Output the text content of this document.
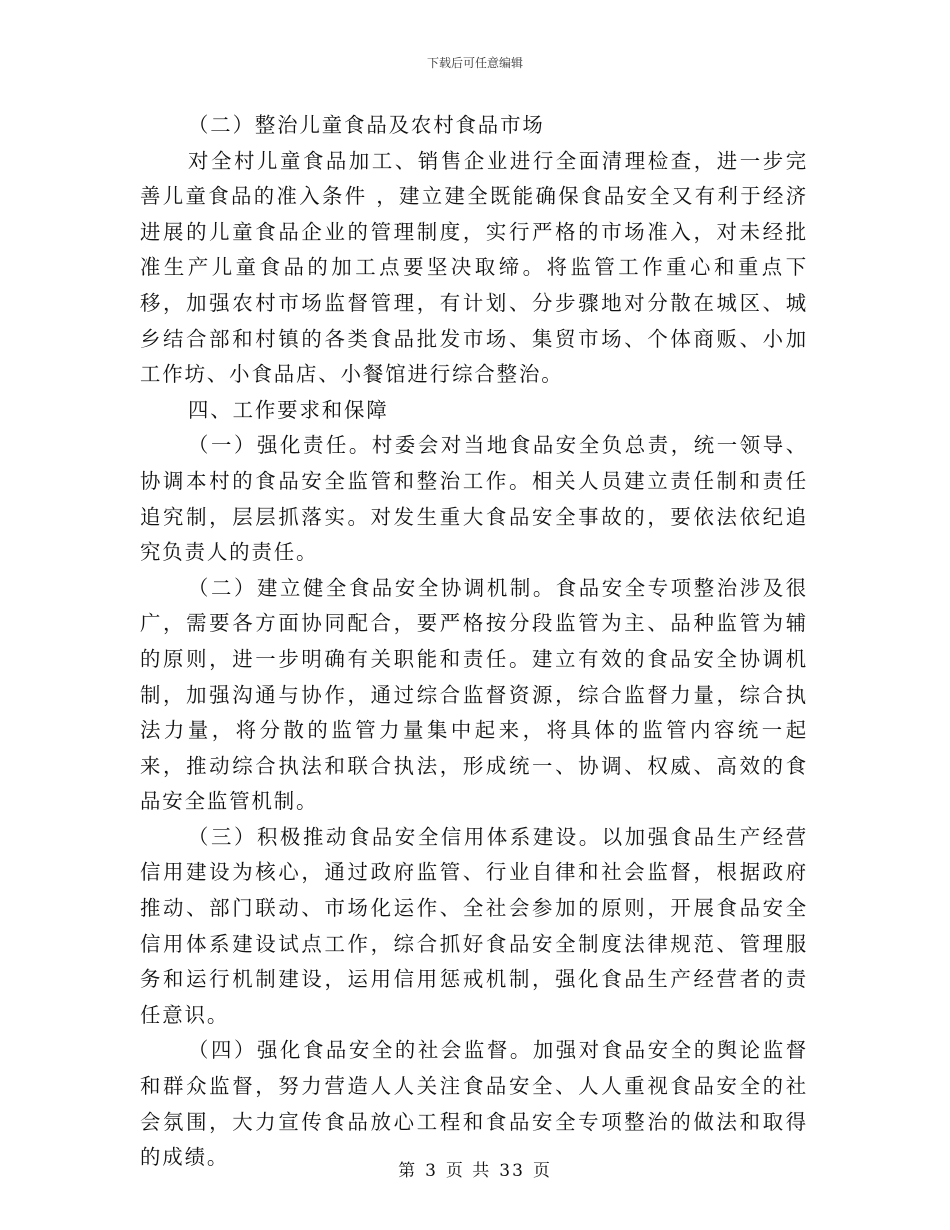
下载后可任意编辑

（二）整治儿童食品及农村食品市场

对全村儿童食品加工、销售企业进行全面清理检查，进一步完善儿童食品的准入条件 ，建立建全既能确保食品安全又有利于经济进展的儿童食品企业的管理制度，实行严格的市场准入，对未经批准生产儿童食品的加工点要坚决取缔。将监管工作重心和重点下移，加强农村市场监督管理，有计划、分步骤地对分散在城区、城乡结合部和村镇的各类食品批发市场、集贸市场、个体商贩、小加工作坊、小食品店、小餐馆进行综合整治。

四、工作要求和保障

（一）强化责任。村委会对当地食品安全负总责，统一领导、协调本村的食品安全监管和整治工作。相关人员建立责任制和责任追究制，层层抓落实。对发生重大食品安全事故的，要依法依纪追究负责人的责任。

（二）建立健全食品安全协调机制。食品安全专项整治涉及很广，需要各方面协同配合，要严格按分段监管为主、品种监管为辅的原则，进一步明确有关职能和责任。建立有效的食品安全协调机制，加强沟通与协作，通过综合监督资源，综合监督力量，综合执法力量，将分散的监管力量集中起来，将具体的监管内容统一起来，推动综合执法和联合执法，形成统一、协调、权威、高效的食品安全监管机制。

（三）积极推动食品安全信用体系建设。以加强食品生产经营信用建设为核心，通过政府监管、行业自律和社会监督，根据政府推动、部门联动、市场化运作、全社会参加的原则，开展食品安全信用体系建设试点工作，综合抓好食品安全制度法律规范、管理服务和运行机制建设，运用信用惩戒机制，强化食品生产经营者的责任意识。

（四）强化食品安全的社会监督。加强对食品安全的舆论监督和群众监督，努力营造人人关注食品安全、人人重视食品安全的社会氛围，大力宣传食品放心工程和食品安全专项整治的做法和取得的成绩。

第 3 页 共 33 页
